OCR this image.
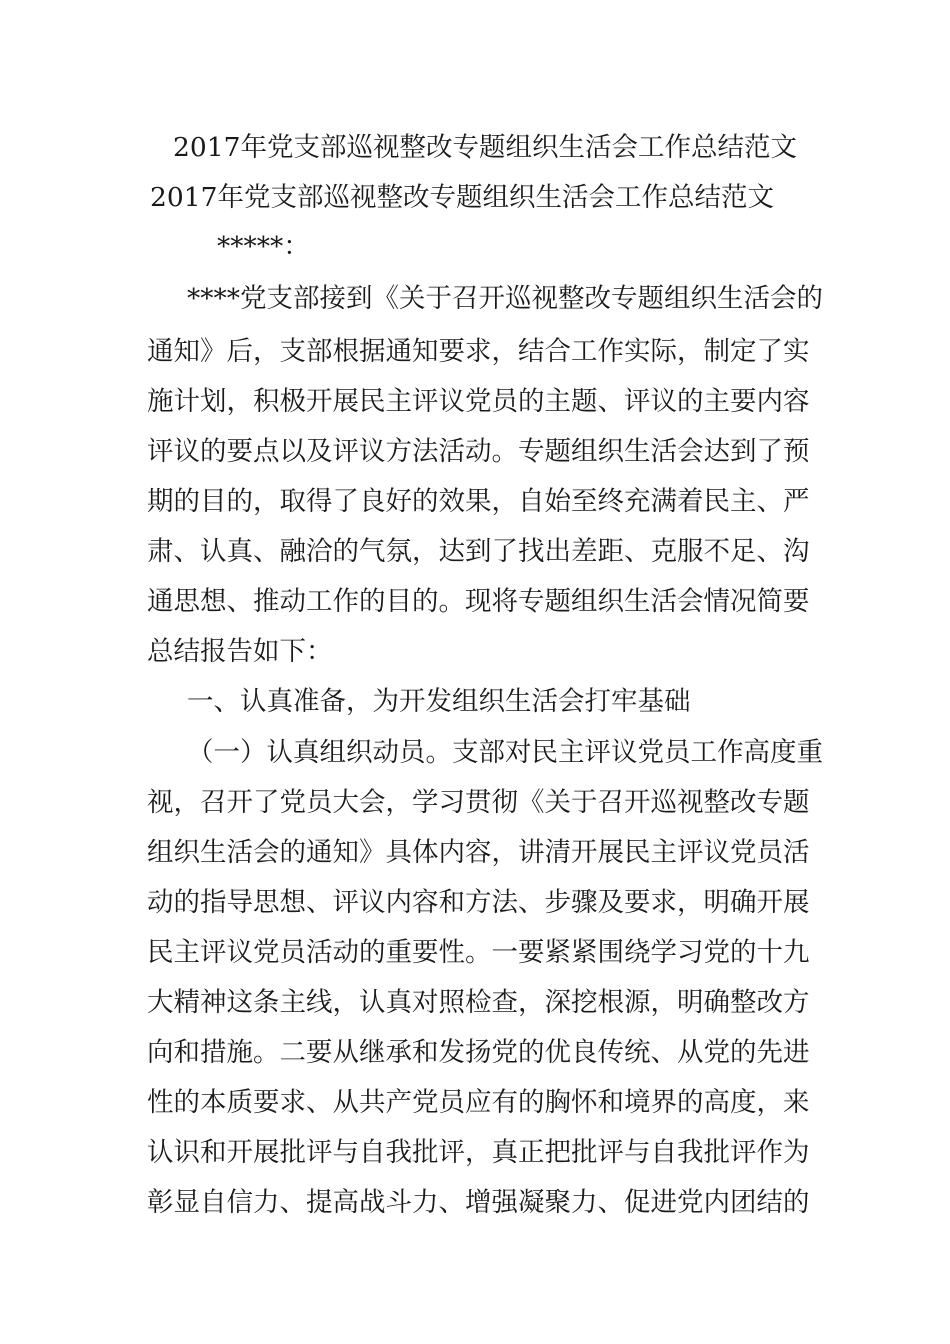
2017年党支部巡视整改专题组织生活会工作总结范文
2017年党支部巡视整改专题组织生活会工作总结范文
*****：
****党支部接到《关于召开巡视整改专题组织生活会的
通知》后，支部根据通知要求，结合工作实际，制定了实
施计划，积极开展民主评议党员的主题、评议的主要内容
评议的要点以及评议方法活动。专题组织生活会达到了预
期的目的，取得了良好的效果，自始至终充满着民主、严
肃、认真、融洽的气氛，达到了找出差距、克服不足、沟
通思想、推动工作的目的。现将专题组织生活会情况简要
总结报告如下：
一、认真准备，为开发组织生活会打牢基础
（一）认真组织动员。支部对民主评议党员工作高度重
视，召开了党员大会，学习贯彻《关于召开巡视整改专题
组织生活会的通知》具体内容，讲清开展民主评议党员活
动的指导思想、评议内容和方法、步骤及要求，明确开展
民主评议党员活动的重要性。一要紧紧围绕学习党的十九
大精神这条主线，认真对照检查，深挖根源，明确整改方
向和措施。二要从继承和发扬党的优良传统、从党的先进
性的本质要求、从共产党员应有的胸怀和境界的高度，来
认识和开展批评与自我批评，真正把批评与自我批评作为
彰显自信力、提高战斗力、增强凝聚力、促进党内团结的
